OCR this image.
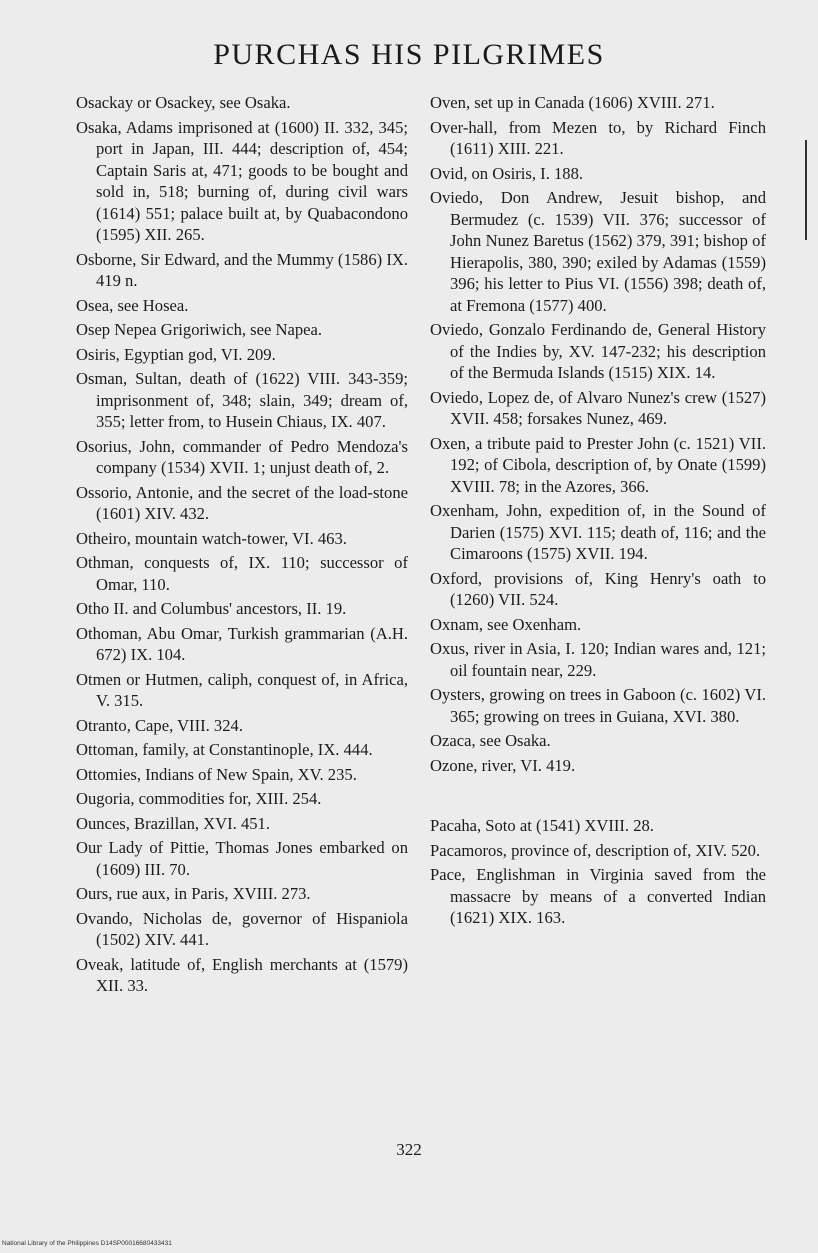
PURCHAS HIS PILGRIMES

Osackay or Osackey, see Osaka.

Osaka, Adams imprisoned at (1600) II. 332, 345; port in Japan, III. 444; description of, 454; Captain Saris at, 471; goods to be bought and sold in, 518; burning of, during civil wars (1614) 551; palace built at, by Quabacondono (1595) XII. 265.

Osborne, Sir Edward, and the Mummy (1586) IX. 419 n.

Osea, see Hosea.

Osep Nepea Grigoriwich, see Napea.

Osiris, Egyptian god, VI. 209.

Osman, Sultan, death of (1622) VIII. 343-359; imprisonment of, 348; slain, 349; dream of, 355; letter from, to Husein Chiaus, IX. 407.

Osorius, John, commander of Pedro Mendoza's company (1534) XVII. 1; unjust death of, 2.

Ossorio, Antonie, and the secret of the load-stone (1601) XIV. 432.

Otheiro, mountain watch-tower, VI. 463.

Othman, conquests of, IX. 110; successor of Omar, 110.

Otho II. and Columbus' ancestors, II. 19.

Othoman, Abu Omar, Turkish grammarian (A.H. 672) IX. 104.

Otmen or Hutmen, caliph, conquest of, in Africa, V. 315.

Otranto, Cape, VIII. 324.

Ottoman, family, at Constantinople, IX. 444.

Ottomies, Indians of New Spain, XV. 235.

Ougoria, commodities for, XIII. 254.

Ounces, Brazillan, XVI. 451.

Our Lady of Pittie, Thomas Jones embarked on (1609) III. 70.

Ours, rue aux, in Paris, XVIII. 273.

Ovando, Nicholas de, governor of Hispaniola (1502) XIV. 441.

Oveak, latitude of, English merchants at (1579) XII. 33.

Oven, set up in Canada (1606) XVIII. 271.

Over-hall, from Mezen to, by Richard Finch (1611) XIII. 221.

Ovid, on Osiris, I. 188.

Oviedo, Don Andrew, Jesuit bishop, and Bermudez (c. 1539) VII. 376; successor of John Nunez Baretus (1562) 379, 391; bishop of Hierapolis, 380, 390; exiled by Adamas (1559) 396; his letter to Pius VI. (1556) 398; death of, at Fremona (1577) 400.

Oviedo, Gonzalo Ferdinando de, General History of the Indies by, XV. 147-232; his description of the Bermuda Islands (1515) XIX. 14.

Oviedo, Lopez de, of Alvaro Nunez's crew (1527) XVII. 458; forsakes Nunez, 469.

Oxen, a tribute paid to Prester John (c. 1521) VII. 192; of Cibola, description of, by Onate (1599) XVIII. 78; in the Azores, 366.

Oxenham, John, expedition of, in the Sound of Darien (1575) XVI. 115; death of, 116; and the Cimaroons (1575) XVII. 194.

Oxford, provisions of, King Henry's oath to (1260) VII. 524.

Oxnam, see Oxenham.

Oxus, river in Asia, I. 120; Indian wares and, 121; oil fountain near, 229.

Oysters, growing on trees in Gaboon (c. 1602) VI. 365; growing on trees in Guiana, XVI. 380.

Ozaca, see Osaka.

Ozone, river, VI. 419.

Pacaha, Soto at (1541) XVIII. 28.

Pacamoros, province of, description of, XIV. 520.

Pace, Englishman in Virginia saved from the massacre by means of a converted Indian (1621) XIX. 163.

322
National Library of the Philippines D14SP00016680433431
